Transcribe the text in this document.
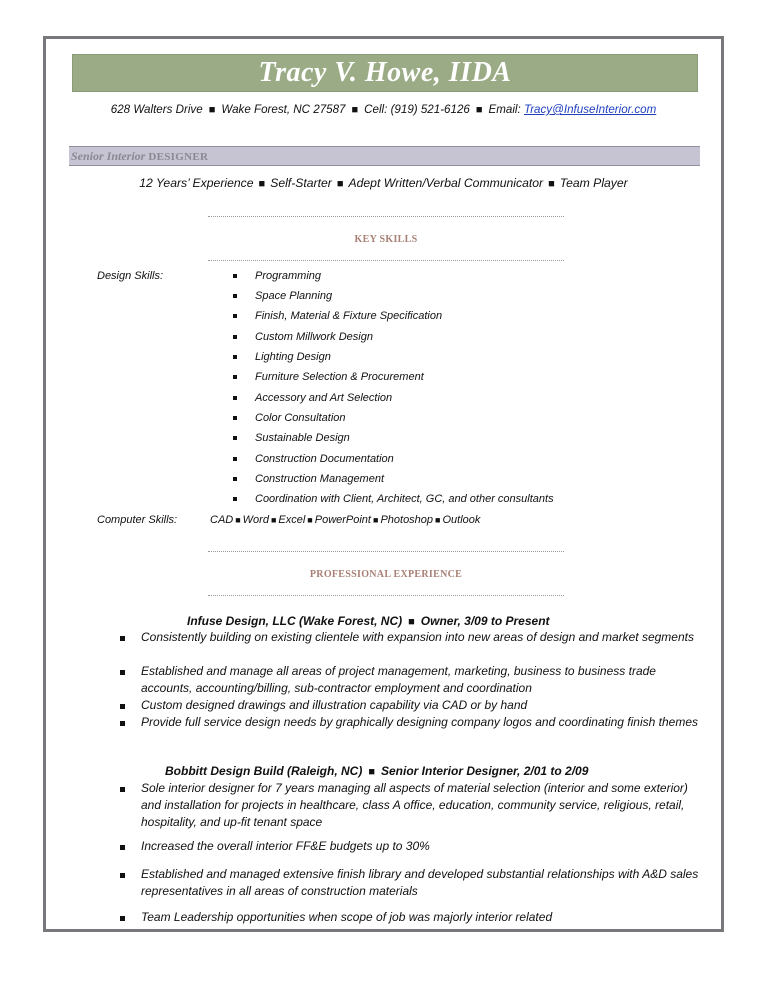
Tracy V. Howe, IIDA
628 Walters Drive ■ Wake Forest, NC 27587 ■ Cell: (919) 521-6126 ■ Email: Tracy@InfuseInterior.com
Senior Interior DESIGNER
12 Years’ Experience ■ Self-Starter ■ Adept Written/Verbal Communicator ■ Team Player
KEY SKILLS
Design Skills:	Programming
Space Planning
Finish, Material & Fixture Specification
Custom Millwork Design
Lighting Design
Furniture Selection & Procurement
Accessory and Art Selection
Color Consultation
Sustainable Design
Construction Documentation
Construction Management
Coordination with Client, Architect, GC, and other consultants
Computer Skills:	CAD ■ Word ■ Excel ■ PowerPoint ■ Photoshop ■ Outlook
PROFESSIONAL EXPERIENCE
Infuse Design, LLC (Wake Forest, NC) ■ Owner, 3/09 to Present
Consistently building on existing clientele with expansion into new areas of design and market segments
Established and manage all areas of project management, marketing, business to business trade accounts, accounting/billing, sub-contractor employment and coordination
Custom designed drawings and illustration capability via CAD or by hand
Provide full service design needs by graphically designing company logos and coordinating finish themes
Bobbitt Design Build (Raleigh, NC) ■ Senior Interior Designer, 2/01 to 2/09
Sole interior designer for 7 years managing all aspects of material selection (interior and some exterior) and installation for projects in healthcare, class A office, education, community service, religious, retail, hospitality, and up-fit tenant space
Increased the overall interior FF&E budgets up to 30%
Established and managed extensive finish library and developed substantial relationships with A&D sales representatives in all areas of construction materials
Team Leadership opportunities when scope of job was majorly interior related
